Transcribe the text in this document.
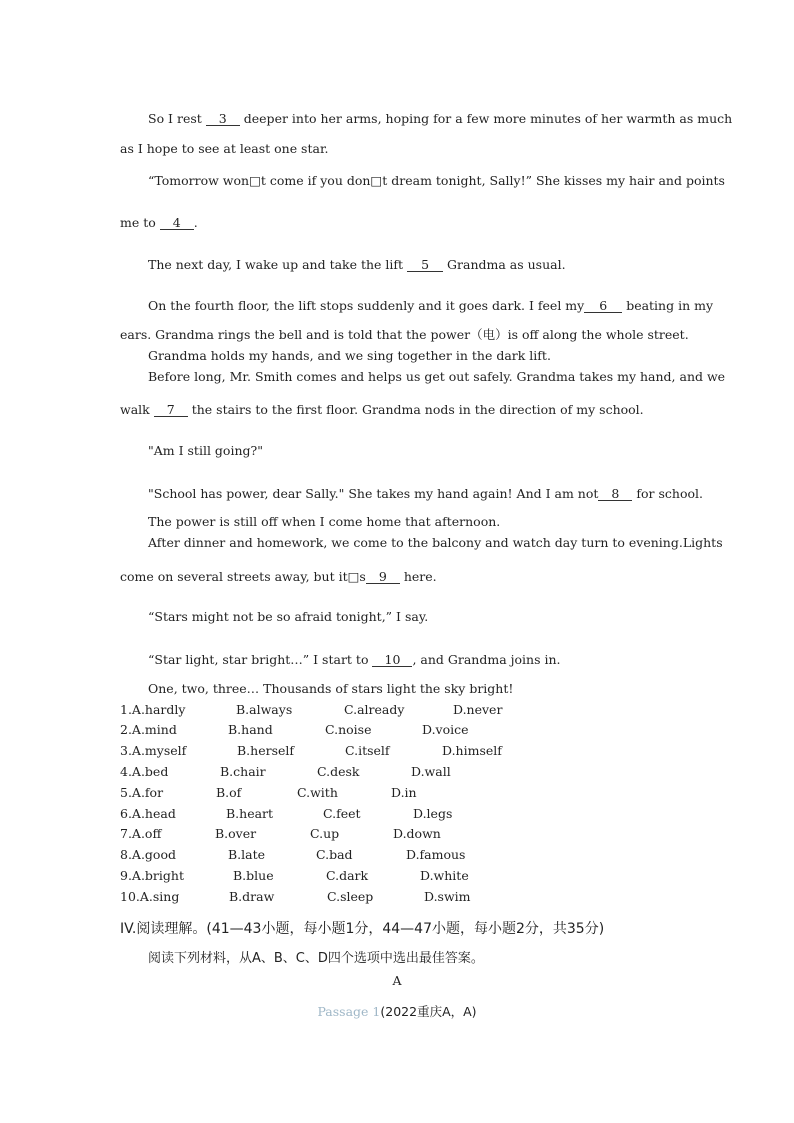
So I rest 3 deeper into her arms, hoping for a few more minutes of her warmth as much
as I hope to see at least one star.
“Tomorrow won□t come if you don□t dream tonight, Sally!” She kisses my hair and points
me to 4 .
The next day, I wake up and take the lift 5 Grandma as usual.
On the fourth floor, the lift stops suddenly and it goes dark. I feel my 6 beating in my
ears. Grandma rings the bell and is told that the power（电）is off along the whole street.
Grandma holds my hands, and we sing together in the dark lift.
Before long, Mr. Smith comes and helps us get out safely. Grandma takes my hand, and we
walk 7 the stairs to the first floor. Grandma nods in the direction of my school.
"Am I still going?"
"School has power, dear Sally." She takes my hand again! And I am not 8 for school.
The power is still off when I come home that afternoon.
After dinner and homework, we come to the balcony and watch day turn to evening.Lights
come on several streets away, but it□s 9 here.
“Stars might not be so afraid tonight,” I say.
“Star light, star bright…” I start to 10 , and Grandma joins in.
One, two, three… Thousands of stars light the sky bright!
1.A.hardly	B.always	C.already	D.never
2.A.mind	B.hand	C.noise	D.voice
3.A.myself	B.herself	C.itself	D.himself
4.A.bed	B.chair	C.desk	D.wall
5.A.for	B.of	C.with	D.in
6.A.head	B.heart	C.feet	D.legs
7.A.off	B.over	C.up	D.down
8.A.good	B.late	C.bad	D.famous
9.A.bright	B.blue	C.dark	D.white
10.A.sing	B.draw	C.sleep	D.swim
IV.阅读理解。(41—43小题，每小题1分，44—47小题，每小题2分，共35分)
阅读下列材料，从A、B、C、D四个选项中选出最佳答案。
A
Passage 1(2022重庆A，A)
